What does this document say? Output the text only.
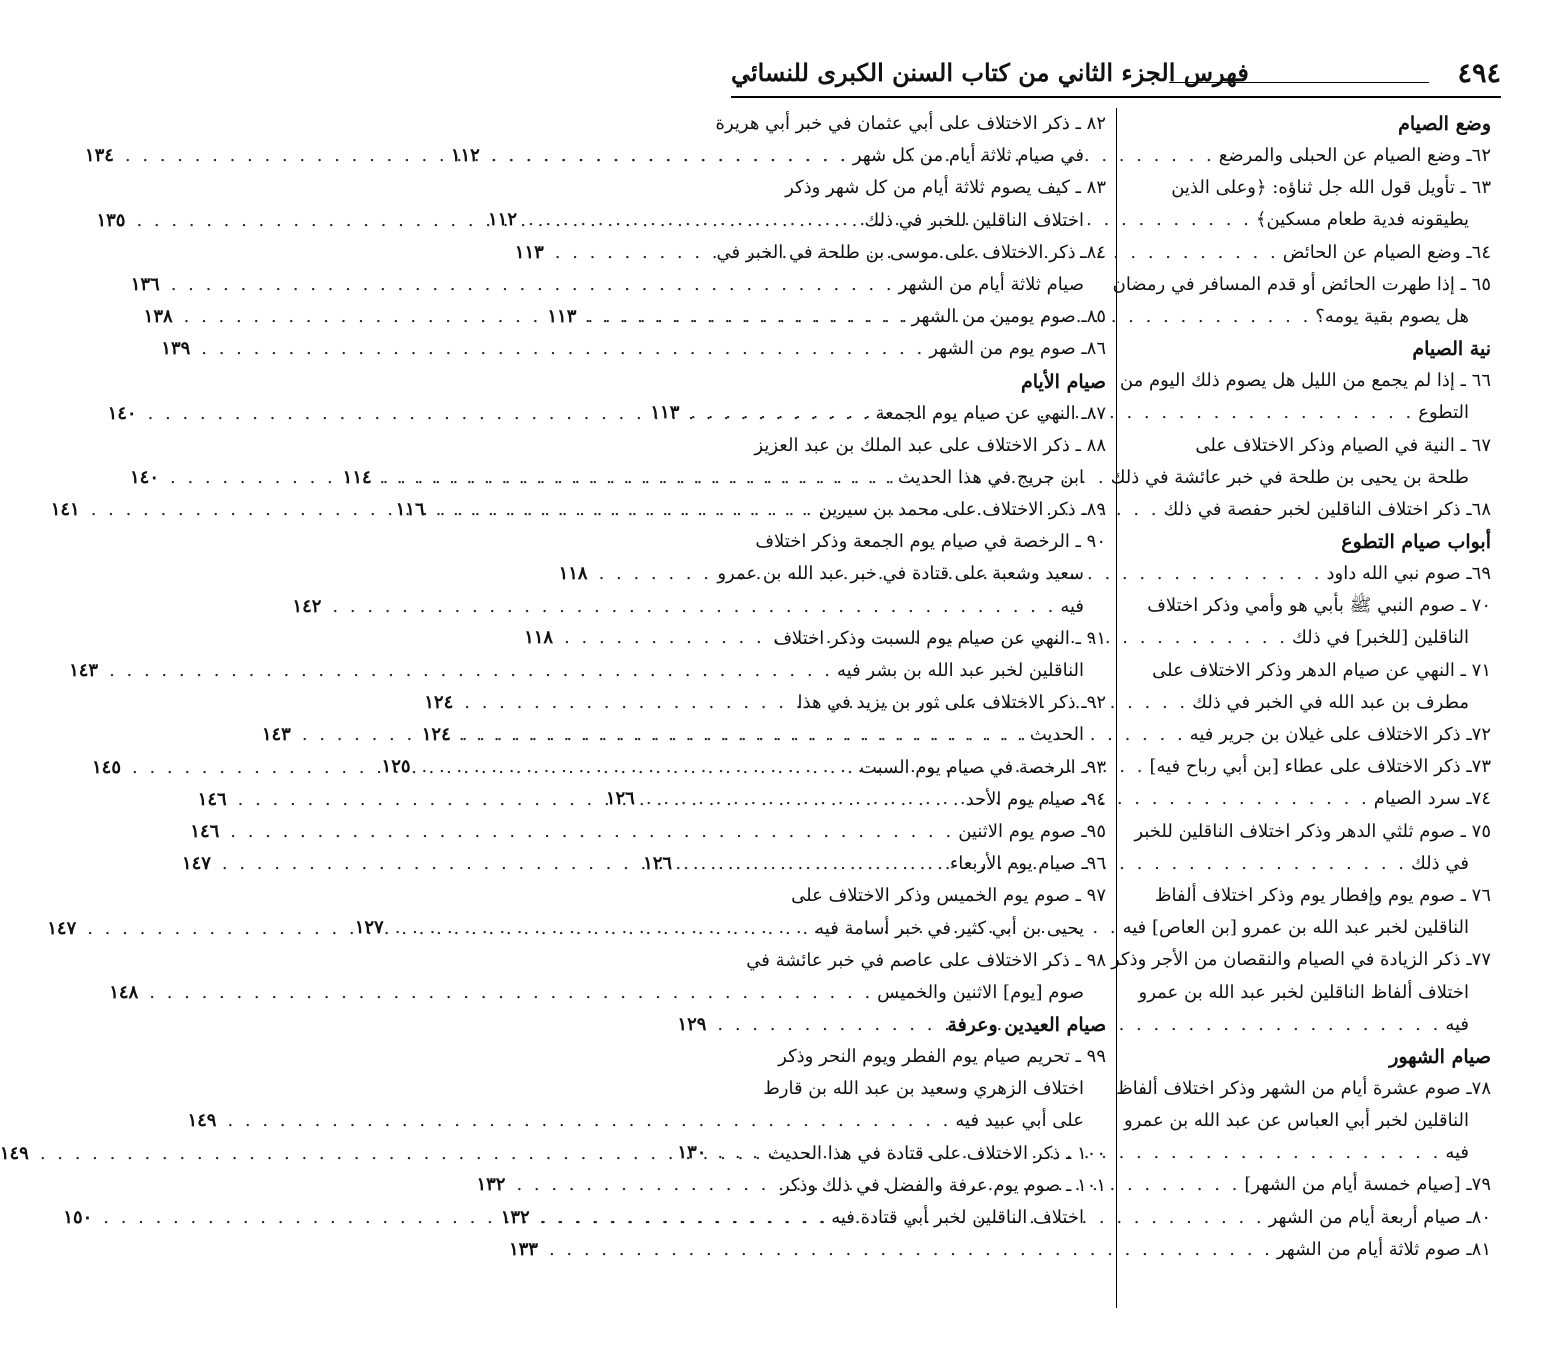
٤٩٤
فهرس الجزء الثاني من كتاب السنن الكبرى للنسائي
وضع الصيام
٦٢ـ وضع الصيام عن الحبلى والمرضع
. . .
١١٢
٦٣ ـ تأويل قول الله جل ثناؤه: ﴿وعلى الذين
يطيقونه فدية طعام مسكين﴾
. . .
١١٢
٦٤ـ وضع الصيام عن الحائض
. . .
١١٣
٦٥ ـ إذا طهرت الحائض أو قدم المسافر في رمضان
هل يصوم بقية يومه؟
. . .
١١٣
نية الصيام
٦٦ ـ إذا لم يجمع من الليل هل يصوم ذلك اليوم من
التطوع
. . .
١١٣
٦٧ ـ النية في الصيام وذكر الاختلاف على
طلحة بن يحيى بن طلحة في خبر عائشة في ذلك
. . .
١١٤
٦٨ـ ذكر اختلاف الناقلين لخبر حفصة في ذلك
. . .
١١٦
أبواب صيام التطوع
٦٩ـ صوم نبي الله داود
. . .
١١٨
٧٠ ـ صوم النبي ﷺ بأبي هو وأمي وذكر اختلاف
الناقلين [للخبر] في ذلك
. . .
١١٨
٧١ ـ النهي عن صيام الدهر وذكر الاختلاف على
مطرف بن عبد الله في الخبر في ذلك
. . .
١٢٤
٧٢ـ ذكر الاختلاف على غيلان بن جرير فيه
. . .
١٢٤
٧٣ـ ذكر الاختلاف على عطاء [بن أبي رباح فيه]
. . .
١٢٥
٧٤ـ سرد الصيام
. . .
١٢٦
٧٥ ـ صوم ثلثي الدهر وذكر اختلاف الناقلين للخبر
في ذلك
. . .
١٢٦
٧٦ ـ صوم يوم وإفطار يوم وذكر اختلاف ألفاظ
الناقلين لخبر عبد الله بن عمرو [بن العاص] فيه
. . .
١٢٧
٧٧ـ ذكر الزيادة في الصيام والنقصان من الأجر وذكر
اختلاف ألفاظ الناقلين لخبر عبد الله بن عمرو
فيه
. . .
١٢٩
صيام الشهور
٧٨ـ صوم عشرة أيام من الشهر وذكر اختلاف ألفاظ
الناقلين لخبر أبي العباس عن عبد الله بن عمرو
فيه
. . .
١٣٠
٧٩ـ [صيام خمسة أيام من الشهر]
. . .
١٣٢
٨٠ـ صيام أربعة أيام من الشهر
. . .
١٣٢
٨١ـ صوم ثلاثة أيام من الشهر
. . .
١٣٣
٨٢ ـ ذكر الاختلاف على أبي عثمان في خبر أبي هريرة
في صيام ثلاثة أيام من كل شهر
. . .
١٣٤
٨٣ ـ كيف يصوم ثلاثة أيام من كل شهر وذكر
اختلاف الناقلين للخبر في ذلك
. . .
١٣٥
٨٤ـ ذكر الاختلاف على موسى بن طلحة في الخبر في
صيام ثلاثة أيام من الشهر
. . .
١٣٦
٨٥ـ صوم يومين من الشهر
. . .
١٣٨
٨٦ـ صوم يوم من الشهر
. . .
١٣٩
صيام الأيام
٨٧ـ النهي عن صيام يوم الجمعة
. . .
١٤٠
٨٨ ـ ذكر الاختلاف على عبد الملك بن عبد العزيز
ابن جريج في هذا الحديث
. . .
١٤٠
٨٩ـ ذكر الاختلاف على محمد بن سيرين
. . .
١٤١
٩٠ ـ الرخصة في صيام يوم الجمعة وذكر اختلاف
سعيد وشعبة على قتادة في خبر عبد الله بن عمرو
فيه
. . .
١٤٢
٩١ ـ النهي عن صيام يوم السبت وذكر اختلاف
الناقلين لخبر عبد الله بن بشر فيه
. . .
١٤٣
٩٢ـ ذكر الاختلاف على ثور بن يزيد في هذا
الحديث
. . .
١٤٣
٩٣ـ الرخصة في صيام يوم السبت
. . .
١٤٥
٩٤ـ صيام يوم الأحد
. . .
١٤٦
٩٥ـ صوم يوم الاثنين
. . .
١٤٦
٩٦ـ صيام يوم الأربعاء
. . .
١٤٧
٩٧ ـ صوم يوم الخميس وذكر الاختلاف على
يحيى بن أبي كثير في خبر أسامة فيه
. . .
١٤٧
٩٨ ـ ذكر الاختلاف على عاصم في خبر عائشة في
صوم [يوم] الاثنين والخميس
. . .
١٤٨
صيام العيدين وعرفة
٩٩ ـ تحريم صيام يوم الفطر ويوم النحر وذكر
اختلاف الزهري وسعيد بن عبد الله بن قارط
على أبي عبيد فيه
. . .
١٤٩
١٠٠ ـ ذكر الاختلاف على قتادة في هذا الحديث
. . .
١٤٩
١٠١ ـ صوم يوم عرفة والفضل في ذلك وذكر
اختلاف الناقلين لخبر أبي قتادة فيه
. . .
١٥٠
